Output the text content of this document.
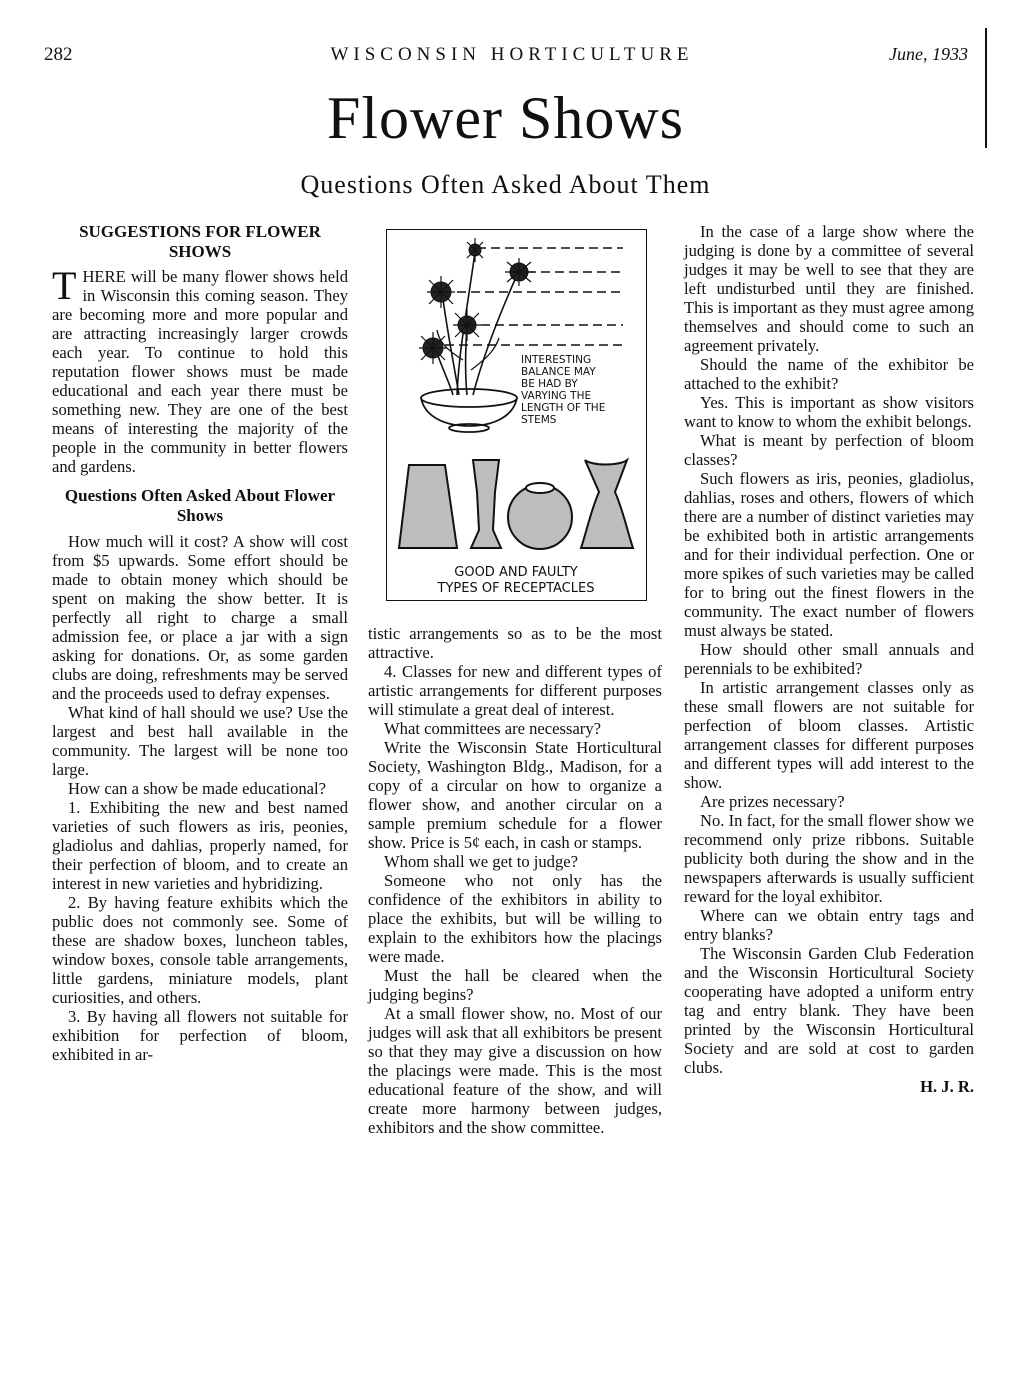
282	WISCONSIN HORTICULTURE	June, 1933
Flower Shows
Questions Often Asked About Them
SUGGESTIONS FOR FLOWER SHOWS

THERE will be many flower shows held in Wisconsin this coming season. They are becoming more and more popular and are attracting increasingly larger crowds each year. To continue to hold this reputation flower shows must be made educational and each year there must be something new. They are one of the best means of interesting the majority of the people in the community in better flowers and gardens.

Questions Often Asked About Flower Shows

How much will it cost? A show will cost from $5 upwards. Some effort should be made to obtain money which should be spent on making the show better. It is perfectly all right to charge a small admission fee, or place a jar with a sign asking for donations. Or, as some garden clubs are doing, refreshments may be served and the proceeds used to defray expenses.

What kind of hall should we use? Use the largest and best hall available in the community. The largest will be none too large.

How can a show be made educational?

1. Exhibiting the new and best named varieties of such flowers as iris, peonies, gladiolus and dahlias, properly named, for their perfection of bloom, and to create an interest in new varieties and hybridizing.

2. By having feature exhibits which the public does not commonly see. Some of these are shadow boxes, luncheon tables, window boxes, console table arrangements, little gardens, miniature models, plant curiosities, and others.

3. By having all flowers not suitable for exhibition for perfection of bloom, exhibited in ar-

INTERESTING
BALANCE MAY
BE HAD BY
VARYING THE
LENGTH OF THE
STEMS
GOOD AND FAULTY
TYPES OF RECEPTACLES

tistic arrangements so as to be the most attractive.

4. Classes for new and different types of artistic arrangements for different purposes will stimulate a great deal of interest.

What committees are necessary?

Write the Wisconsin State Horticultural Society, Washington Bldg., Madison, for a copy of a circular on how to organize a flower show, and another circular on a sample premium schedule for a flower show. Price is 5¢ each, in cash or stamps.

Whom shall we get to judge?

Someone who not only has the confidence of the exhibitors in ability to place the exhibits, but will be willing to explain to the exhibitors how the placings were made.

Must the hall be cleared when the judging begins?

At a small flower show, no. Most of our judges will ask that all exhibitors be present so that they may give a discussion on how the placings were made. This is the most educational feature of the show, and will create more harmony between judges, exhibitors and the show committee.

In the case of a large show where the judging is done by a committee of several judges it may be well to see that they are left undisturbed until they are finished. This is important as they must agree among themselves and should come to such an agreement privately.

Should the name of the exhibitor be attached to the exhibit?

Yes. This is important as show visitors want to know to whom the exhibit belongs.

What is meant by perfection of bloom classes?

Such flowers as iris, peonies, gladiolus, dahlias, roses and others, flowers of which there are a number of distinct varieties may be exhibited both in artistic arrangements and for their individual perfection. One or more spikes of such varieties may be called for to bring out the finest flowers in the community. The exact number of flowers must always be stated.

How should other small annuals and perennials to be exhibited?

In artistic arrangement classes only as these small flowers are not suitable for perfection of bloom classes. Artistic arrangement classes for different purposes and different types will add interest to the show.

Are prizes necessary?

No. In fact, for the small flower show we recommend only prize ribbons. Suitable publicity both during the show and in the newspapers afterwards is usually sufficient reward for the loyal exhibitor.

Where can we obtain entry tags and entry blanks?

The Wisconsin Garden Club Federation and the Wisconsin Horticultural Society cooperating have adopted a uniform entry tag and entry blank. They have been printed by the Wisconsin Horticultural Society and are sold at cost to garden clubs.

H. J. R.
